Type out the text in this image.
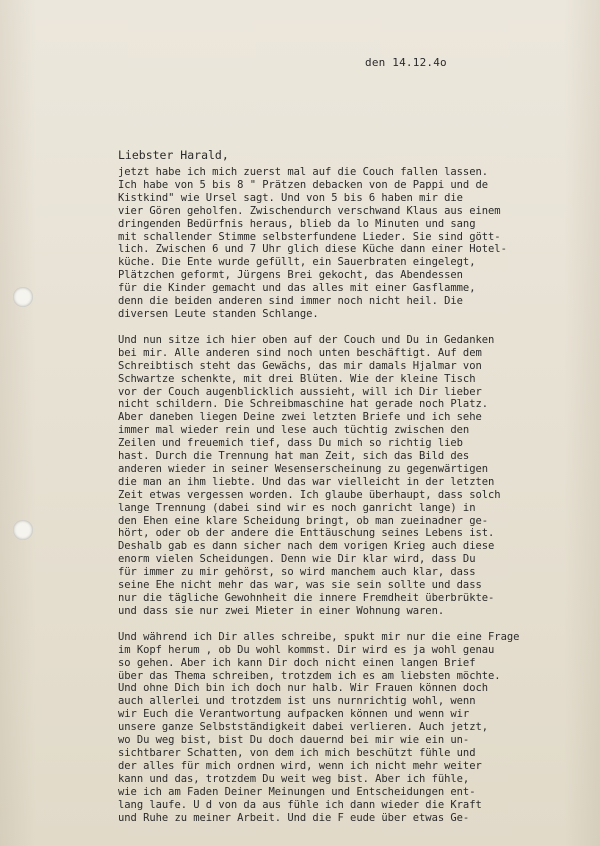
den 14.12.4o
Liebster Harald,
jetzt habe ich mich zuerst mal auf die Couch fallen lassen.
Ich habe von 5 bis 8 " Prätzen debacken von de Pappi und de
Kistkind" wie Ursel sagt. Und von 5 bis 6 haben mir die
vier Gören geholfen. Zwischendurch verschwand Klaus aus einem
dringenden Bedürfnis heraus, blieb da lo Minuten und sang
mit schallender Stimme selbsterfundene Lieder. Sie sind gött-
lich. Zwischen 6 und 7 Uhr glich diese Küche dann einer Hotel-
küche. Die Ente wurde gefüllt, ein Sauerbraten eingelegt,
Plätzchen geformt, Jürgens Brei gekocht, das Abendessen
für die Kinder gemacht und das alles mit einer Gasflamme,
denn die beiden anderen sind immer noch nicht heil. Die
diversen Leute standen Schlange.
Und nun sitze ich hier oben auf der Couch und Du in Gedanken
bei mir. Alle anderen sind noch unten beschäftigt. Auf dem
Schreibtisch steht das Gewächs, das mir damals Hjalmar von
Schwartze schenkte, mit drei Blüten. Wie der kleine Tisch
vor der Couch augenblicklich aussieht, will ich Dir lieber
nicht schildern. Die Schreibmaschine hat gerade noch Platz.
Aber daneben liegen Deine zwei letzten Briefe und ich sehe
immer mal wieder rein und lese auch tüchtig zwischen den
Zeilen und freuemich tief, dass Du mich so richtig lieb
hast. Durch die Trennung hat man Zeit, sich das Bild des
anderen wieder in seiner Wesenserscheinung zu gegenwärtigen
die man an ihm liebte. Und das war vielleicht in der letzten
Zeit etwas vergessen worden. Ich glaube überhaupt, dass solch
lange Trennung (dabei sind wir es noch ganricht lange) in
den Ehen eine klare Scheidung bringt, ob man zueinadner ge-
hört, oder ob der andere die Enttäuschung seines Lebens ist.
Deshalb gab es dann sicher nach dem vorigen Krieg auch diese
enorm vielen Scheidungen. Denn wie Dir klar wird, dass Du
für immer zu mir gehörst, so wird manchem auch klar, dass
seine Ehe nicht mehr das war, was sie sein sollte und dass
nur die tägliche Gewohnheit die innere Fremdheit überbrükte-
und dass sie nur zwei Mieter in einer Wohnung waren.
Und während ich Dir alles schreibe, spukt mir nur die eine Frage
im Kopf herum , ob Du wohl kommst. Dir wird es ja wohl genau
so gehen. Aber ich kann Dir doch nicht einen langen Brief
über das Thema schreiben, trotzdem ich es am liebsten möchte.
Und ohne Dich bin ich doch nur halb. Wir Frauen können doch
auch allerlei und trotzdem ist uns nurnrichtig wohl, wenn
wir Euch die Verantwortung aufpacken können und wenn wir
unsere ganze Selbstständigkeit dabei verlieren. Auch jetzt,
wo Du weg bist, bist Du doch dauernd bei mir wie ein un-
sichtbarer Schatten, von dem ich mich beschützt fühle und
der alles für mich ordnen wird, wenn ich nicht mehr weiter
kann und das, trotzdem Du weit weg bist. Aber ich fühle,
wie ich am Faden Deiner Meinungen und Entscheidungen ent-
lang laufe. U d von da aus fühle ich dann wieder die Kraft
und Ruhe zu meiner Arbeit. Und die F eude über etwas Ge-
